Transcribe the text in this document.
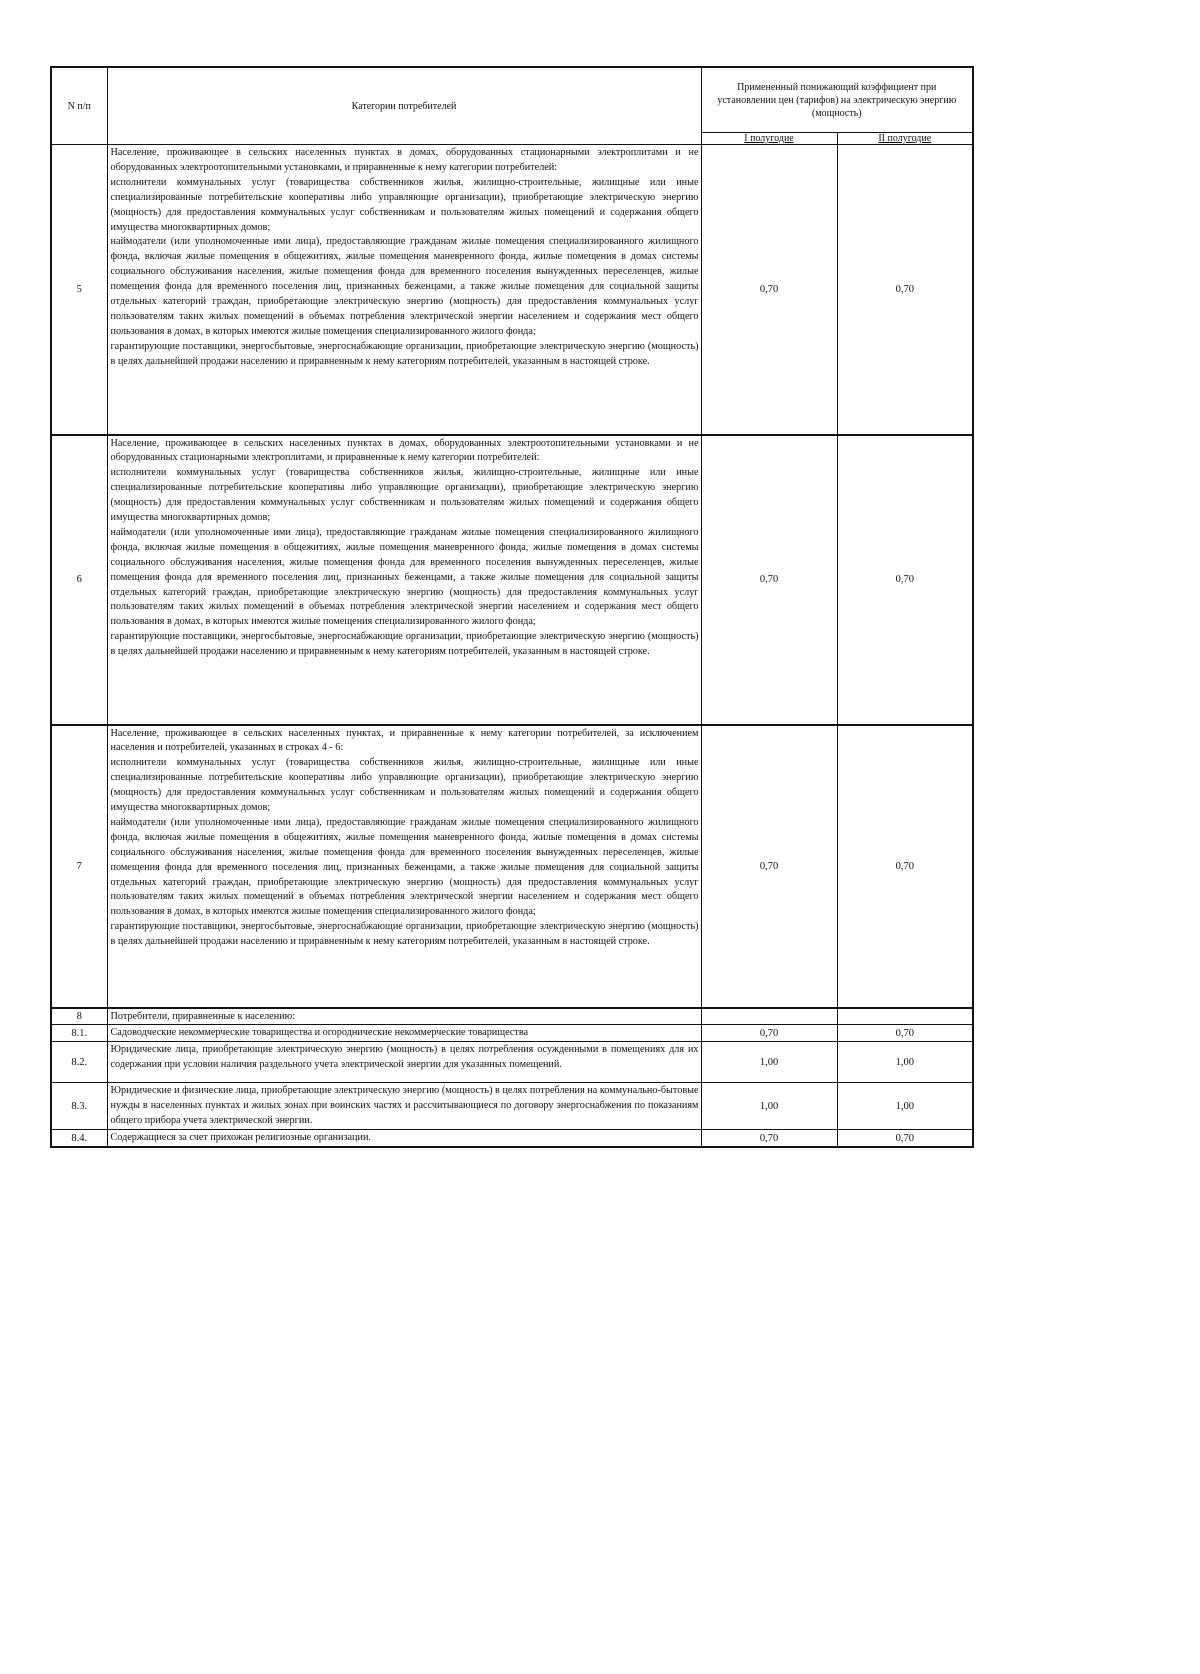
N п/п	Категории потребителей	Примененный понижающий коэффициент при установлении цен (тарифов) на электрическую энергию (мощность)	
		I полугодие	II полугодие
5	Население, проживающее в сельских населенных пунктах в домах, оборудованных стационарными электроплитами и не оборудованных электроотопительными установками, и приравненные к нему категории потребителей:
исполнители коммунальных услуг (товарищества собственников жилья, жилищно-строительные, жилищные или иные специализированные потребительские кооперативы либо управляющие организации), приобретающие электрическую энергию (мощность) для предоставления коммунальных услуг собственникам и пользователям жилых помещений и содержания общего имущества многоквартирных домов;
наймодатели (или уполномоченные ими лица), предоставляющие гражданам жилые помещения специализированного жилищного фонда, включая жилые помещения в общежитиях, жилые помещения маневренного фонда, жилые помещения в домах системы социального обслуживания населения, жилые помещения фонда для временного поселения вынужденных переселенцев, жилые помещения фонда для временного поселения лиц, признанных беженцами, а также жилые помещения для социальной защиты отдельных категорий граждан, приобретающие электрическую энергию (мощность) для предоставления коммунальных услуг пользователям таких жилых помещений в объемах потребления электрической энергии населением и содержания мест общего пользования в домах, в которых имеются жилые помещения специализированного жилого фонда;
гарантирующие поставщики, энергосбытовые, энергоснабжающие организации, приобретающие электрическую энергию (мощность) в целях дальнейшей продажи населению и приравненным к нему категориям потребителей, указанным в настоящей строке.	0,70	0,70
6	Население, проживающее в сельских населенных пунктах в домах, оборудованных электроотопительными установками и не оборудованных стационарными электроплитами, и приравненные к нему категории потребителей:
исполнители коммунальных услуг (товарищества собственников жилья, жилищно-строительные, жилищные или иные специализированные потребительские кооперативы либо управляющие организации), приобретающие электрическую энергию (мощность) для предоставления коммунальных услуг собственникам и пользователям жилых помещений и содержания общего имущества многоквартирных домов;
наймодатели (или уполномоченные ими лица), предоставляющие гражданам жилые помещения специализированного жилищного фонда, включая жилые помещения в общежитиях, жилые помещения маневренного фонда, жилые помещения в домах системы социального обслуживания населения, жилые помещения фонда для временного поселения вынужденных переселенцев, жилые помещения фонда для временного поселения лиц, признанных беженцами, а также жилые помещения для социальной защиты отдельных категорий граждан, приобретающие электрическую энергию (мощность) для предоставления коммунальных услуг пользователям таких жилых помещений в объемах потребления электрической энергии населением и содержания мест общего пользования в домах, в которых имеются жилые помещения специализированного жилого фонда;
гарантирующие поставщики, энергосбытовые, энергоснабжающие организации, приобретающие электрическую энергию (мощность) в целях дальнейшей продажи населению и приравненным к нему категориям потребителей, указанным в настоящей строке.	0,70	0,70
7	Население, проживающее в сельских населенных пунктах, и приравненные к нему категории потребителей, за исключением населения и потребителей, указанных в строках 4 - 6:
исполнители коммунальных услуг (товарищества собственников жилья, жилищно-строительные, жилищные или иные специализированные потребительские кооперативы либо управляющие организации), приобретающие электрическую энергию (мощность) для предоставления коммунальных услуг собственникам и пользователям жилых помещений и содержания общего имущества многоквартирных домов;
наймодатели (или уполномоченные ими лица), предоставляющие гражданам жилые помещения специализированного жилищного фонда, включая жилые помещения в общежитиях, жилые помещения маневренного фонда, жилые помещения в домах системы социального обслуживания населения, жилые помещения фонда для временного поселения вынужденных переселенцев, жилые помещения фонда для временного поселения лиц, признанных беженцами, а также жилые помещения для социальной защиты отдельных категорий граждан, приобретающие электрическую энергию (мощность) для предоставления коммунальных услуг пользователям таких жилых помещений в объемах потребления электрической энергии населением и содержания мест общего пользования в домах, в которых имеются жилые помещения специализированного жилого фонда;
гарантирующие поставщики, энергосбытовые, энергоснабжающие организации, приобретающие электрическую энергию (мощность) в целях дальнейшей продажи населению и приравненным к нему категориям потребителей, указанным в настоящей строке.	0,70	0,70
8	Потребители, приравненные к населению:		

8.1.	Садоводческие некоммерческие товарищества и огороднические некоммерческие товарищества	0,70	0,70
8.2.	Юридические лица, приобретающие электрическую энергию (мощность) в целях потребления осужденными в помещениях для их содержания при условии наличия раздельного учета электрической энергии для указанных помещений.	1,00	1,00
8.3.	Юридические и физические лица, приобретающие электрическую энергию (мощность) в целях потребления на коммунально-бытовые нужды в населенных пунктах и жилых зонах при воинских частях и рассчитывающиеся по договору энергоснабжения по показаниям общего прибора учета электрической энергии.	1,00	1,00
8.4.	Содержащиеся за счет прихожан религиозные организации.	0,70	0,70
